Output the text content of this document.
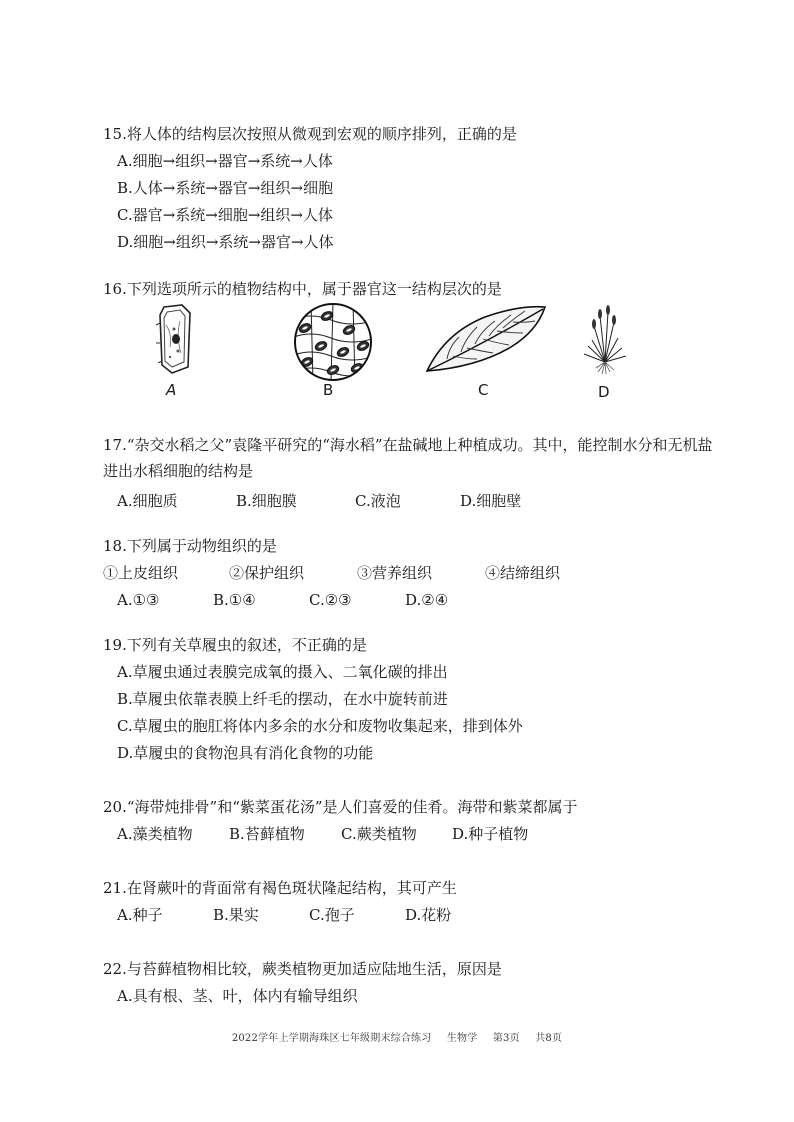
15.将人体的结构层次按照从微观到宏观的顺序排列，正确的是
A.细胞→组织→器官→系统→人体
B.人体→系统→器官→组织→细胞
C.器官→系统→细胞→组织→人体
D.细胞→组织→系统→器官→人体
16.下列选项所示的植物结构中，属于器官这一结构层次的是
A	B	C	D
17.“杂交水稻之父”袁隆平研究的“海水稻”在盐碱地上种植成功。其中，能控制水分和无机盐进出水稻细胞的结构是
A.细胞质	B.细胞膜	C.液泡	D.细胞壁
18.下列属于动物组织的是
①上皮组织	②保护组织	③营养组织	④结缔组织
A.①③	B.①④	C.②③	D.②④
19.下列有关草履虫的叙述，不正确的是
A.草履虫通过表膜完成氧的摄入、二氧化碳的排出
B.草履虫依靠表膜上纤毛的摆动，在水中旋转前进
C.草履虫的胞肛将体内多余的水分和废物收集起来，排到体外
D.草履虫的食物泡具有消化食物的功能
20.“海带炖排骨”和“紫菜蛋花汤”是人们喜爱的佳肴。海带和紫菜都属于
A.藻类植物 B.苔藓植物 C.蕨类植物 D.种子植物
21.在肾蕨叶的背面常有褐色斑状隆起结构，其可产生
A.种子	B.果实	C.孢子	D.花粉
22.与苔藓植物相比较，蕨类植物更加适应陆地生活，原因是
A.具有根、茎、叶，体内有输导组织
2022学年上学期海珠区七年级期末综合练习 生物学 第3页 共8页
